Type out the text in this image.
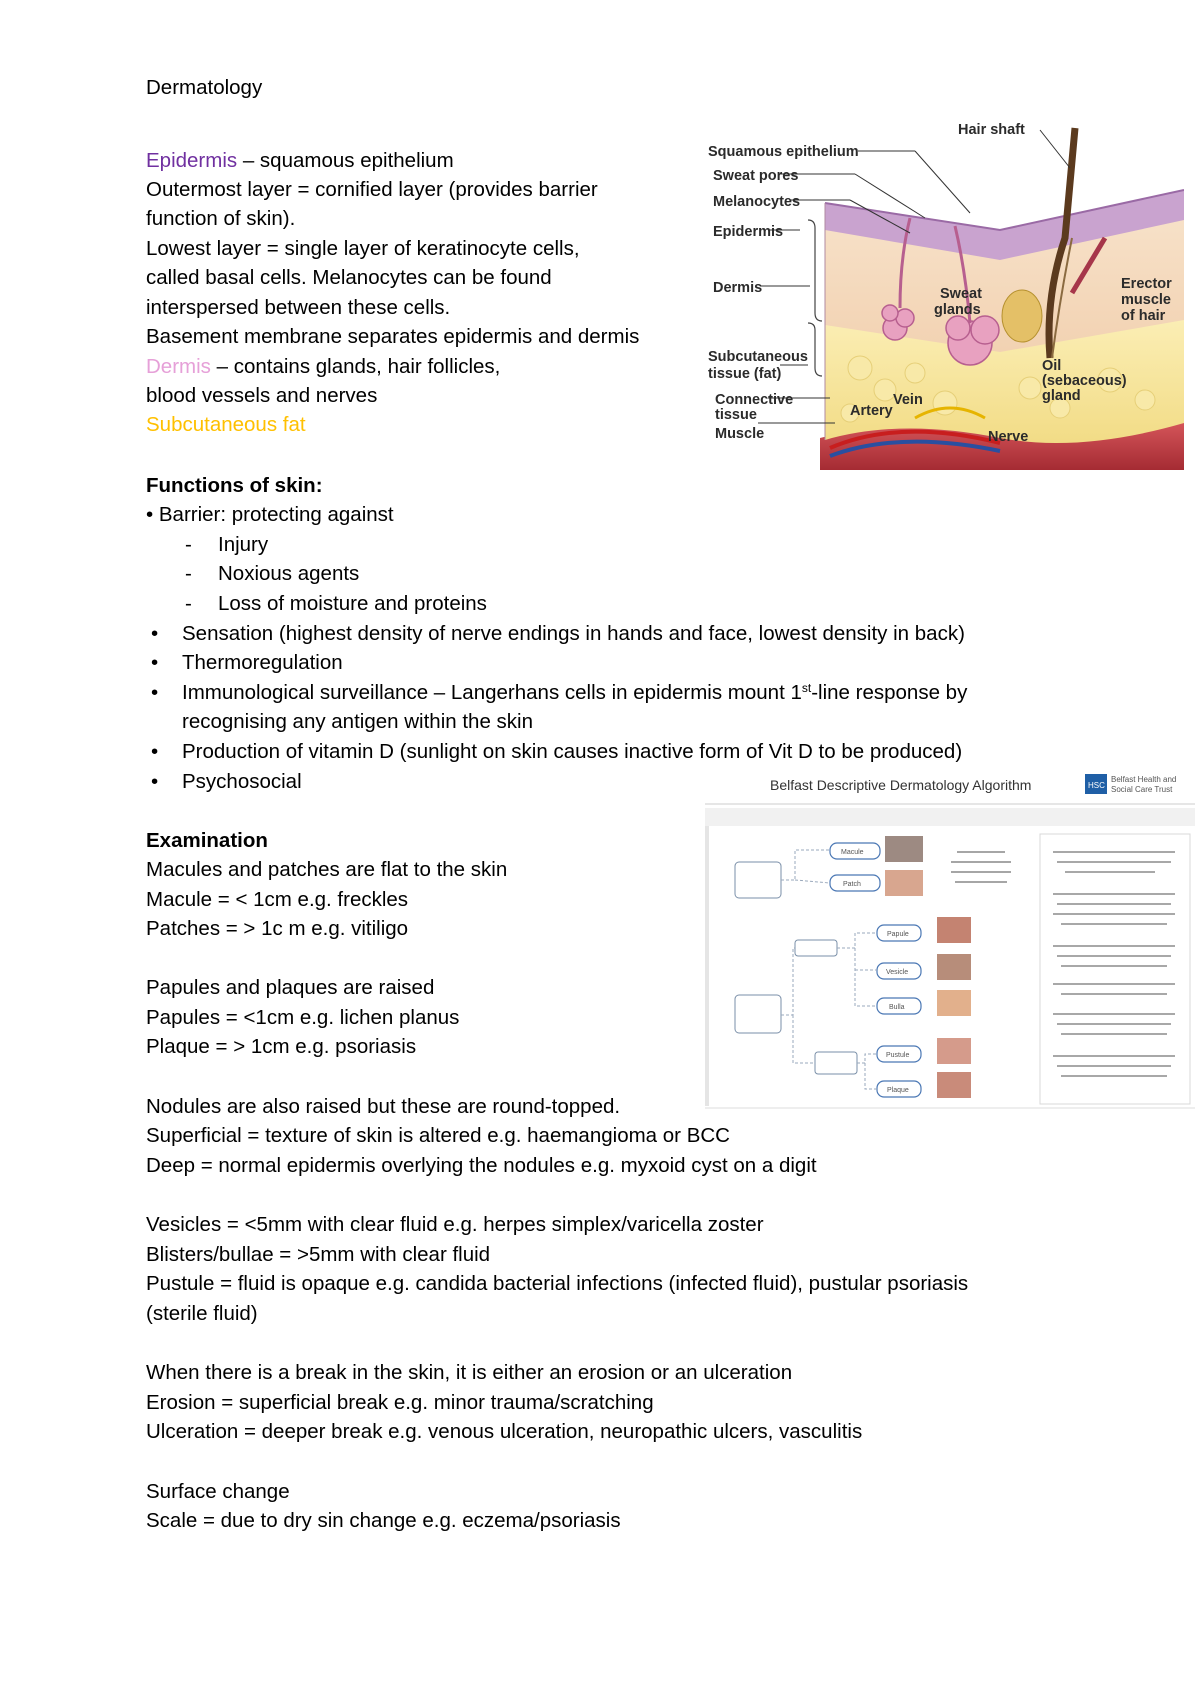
Dermatology
Epidermis – squamous epithelium
Outermost layer = cornified layer (provides barrier
function of skin).
Lowest layer = single layer of keratinocyte cells,
called basal cells. Melanocytes can be found
interspersed between these cells.
Basement membrane separates epidermis and dermis
Dermis – contains glands, hair follicles,
blood vessels and nerves
Subcutaneous fat
Functions of skin:
• Barrier: protecting against
- Injury
- Noxious agents
- Loss of moisture and proteins
• Sensation (highest density of nerve endings in hands and face, lowest density in back)
• Thermoregulation
• Immunological surveillance – Langerhans cells in epidermis mount 1st-line response by
recognising any antigen within the skin
• Production of vitamin D (sunlight on skin causes inactive form of Vit D to be produced)
• Psychosocial
Examination
Macules and patches are flat to the skin
Macule = < 1cm e.g. freckles
Patches = > 1c m e.g. vitiligo
Papules and plaques are raised
Papules = <1cm e.g. lichen planus
Plaque = > 1cm e.g. psoriasis
Nodules are also raised but these are round-topped.
Superficial = texture of skin is altered e.g. haemangioma or BCC
Deep = normal epidermis overlying the nodules e.g. myxoid cyst on a digit
Vesicles = <5mm with clear fluid e.g. herpes simplex/varicella zoster
Blisters/bullae = >5mm with clear fluid
Pustule = fluid is opaque e.g. candida bacterial infections (infected fluid), pustular psoriasis
(sterile fluid)
When there is a break in the skin, it is either an erosion or an ulceration
Erosion = superficial break e.g. minor trauma/scratching
Ulceration = deeper break e.g. venous ulceration, neuropathic ulcers, vasculitis
Surface change
Scale = due to dry sin change e.g. eczema/psoriasis
Hair shaft
Squamous epithelium
Sweat pores
Melanocytes
Epidermis
Dermis
Subcutaneous
tissue (fat)
Connective
tissue
Muscle
Sweat
glands
Erector
muscle
of hair
Oil
(sebaceous)
gland
Artery
Vein
Nerve
Belfast Descriptive Dermatology Algorithm	HSC
Belfast Health and
Social Care Trust
Macule
Patch
Papule
Vesicle
Bulla
Pustule
Plaque
